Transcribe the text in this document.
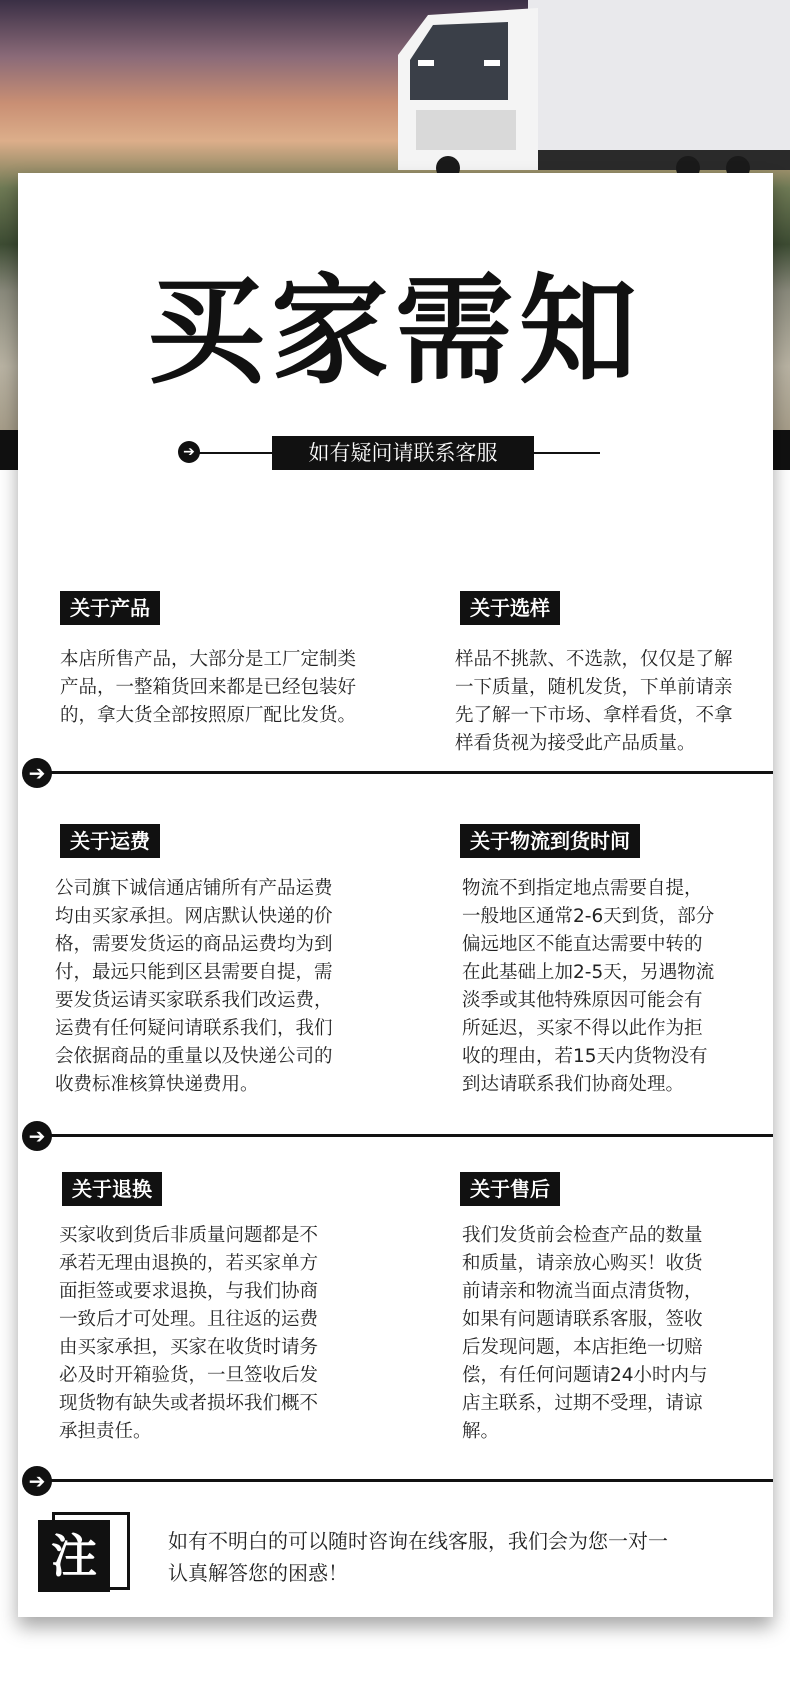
买家需知
➔	如有疑问请联系客服
关于产品
本店所售产品，大部分是工厂定制类
产品，一整箱货回来都是已经包装好
的，拿大货全部按照原厂配比发货。
关于选样
样品不挑款、不选款，仅仅是了解
一下质量，随机发货，下单前请亲
先了解一下市场、拿样看货，不拿
样看货视为接受此产品质量。
➔
关于运费
公司旗下诚信通店铺所有产品运费
均由买家承担。网店默认快递的价
格，需要发货运的商品运费均为到
付，最远只能到区县需要自提，需
要发货运请买家联系我们改运费，
运费有任何疑问请联系我们，我们
会依据商品的重量以及快递公司的
收费标准核算快递费用。
关于物流到货时间
物流不到指定地点需要自提，
一般地区通常2-6天到货，部分
偏远地区不能直达需要中转的
在此基础上加2-5天，另遇物流
淡季或其他特殊原因可能会有
所延迟，买家不得以此作为拒
收的理由，若15天内货物没有
到达请联系我们协商处理。
➔
关于退换
买家收到货后非质量问题都是不
承若无理由退换的，若买家单方
面拒签或要求退换，与我们协商
一致后才可处理。且往返的运费
由买家承担，买家在收货时请务
必及时开箱验货，一旦签收后发
现货物有缺失或者损坏我们概不
承担责任。
关于售后
我们发货前会检查产品的数量
和质量，请亲放心购买！收货
前请亲和物流当面点清货物，
如果有问题请联系客服，签收
后发现问题，本店拒绝一切赔
偿，有任何问题请24小时内与
店主联系，过期不受理，请谅
解。
➔
注	如有不明白的可以随时咨询在线客服，我们会为您一对一
认真解答您的困惑！
